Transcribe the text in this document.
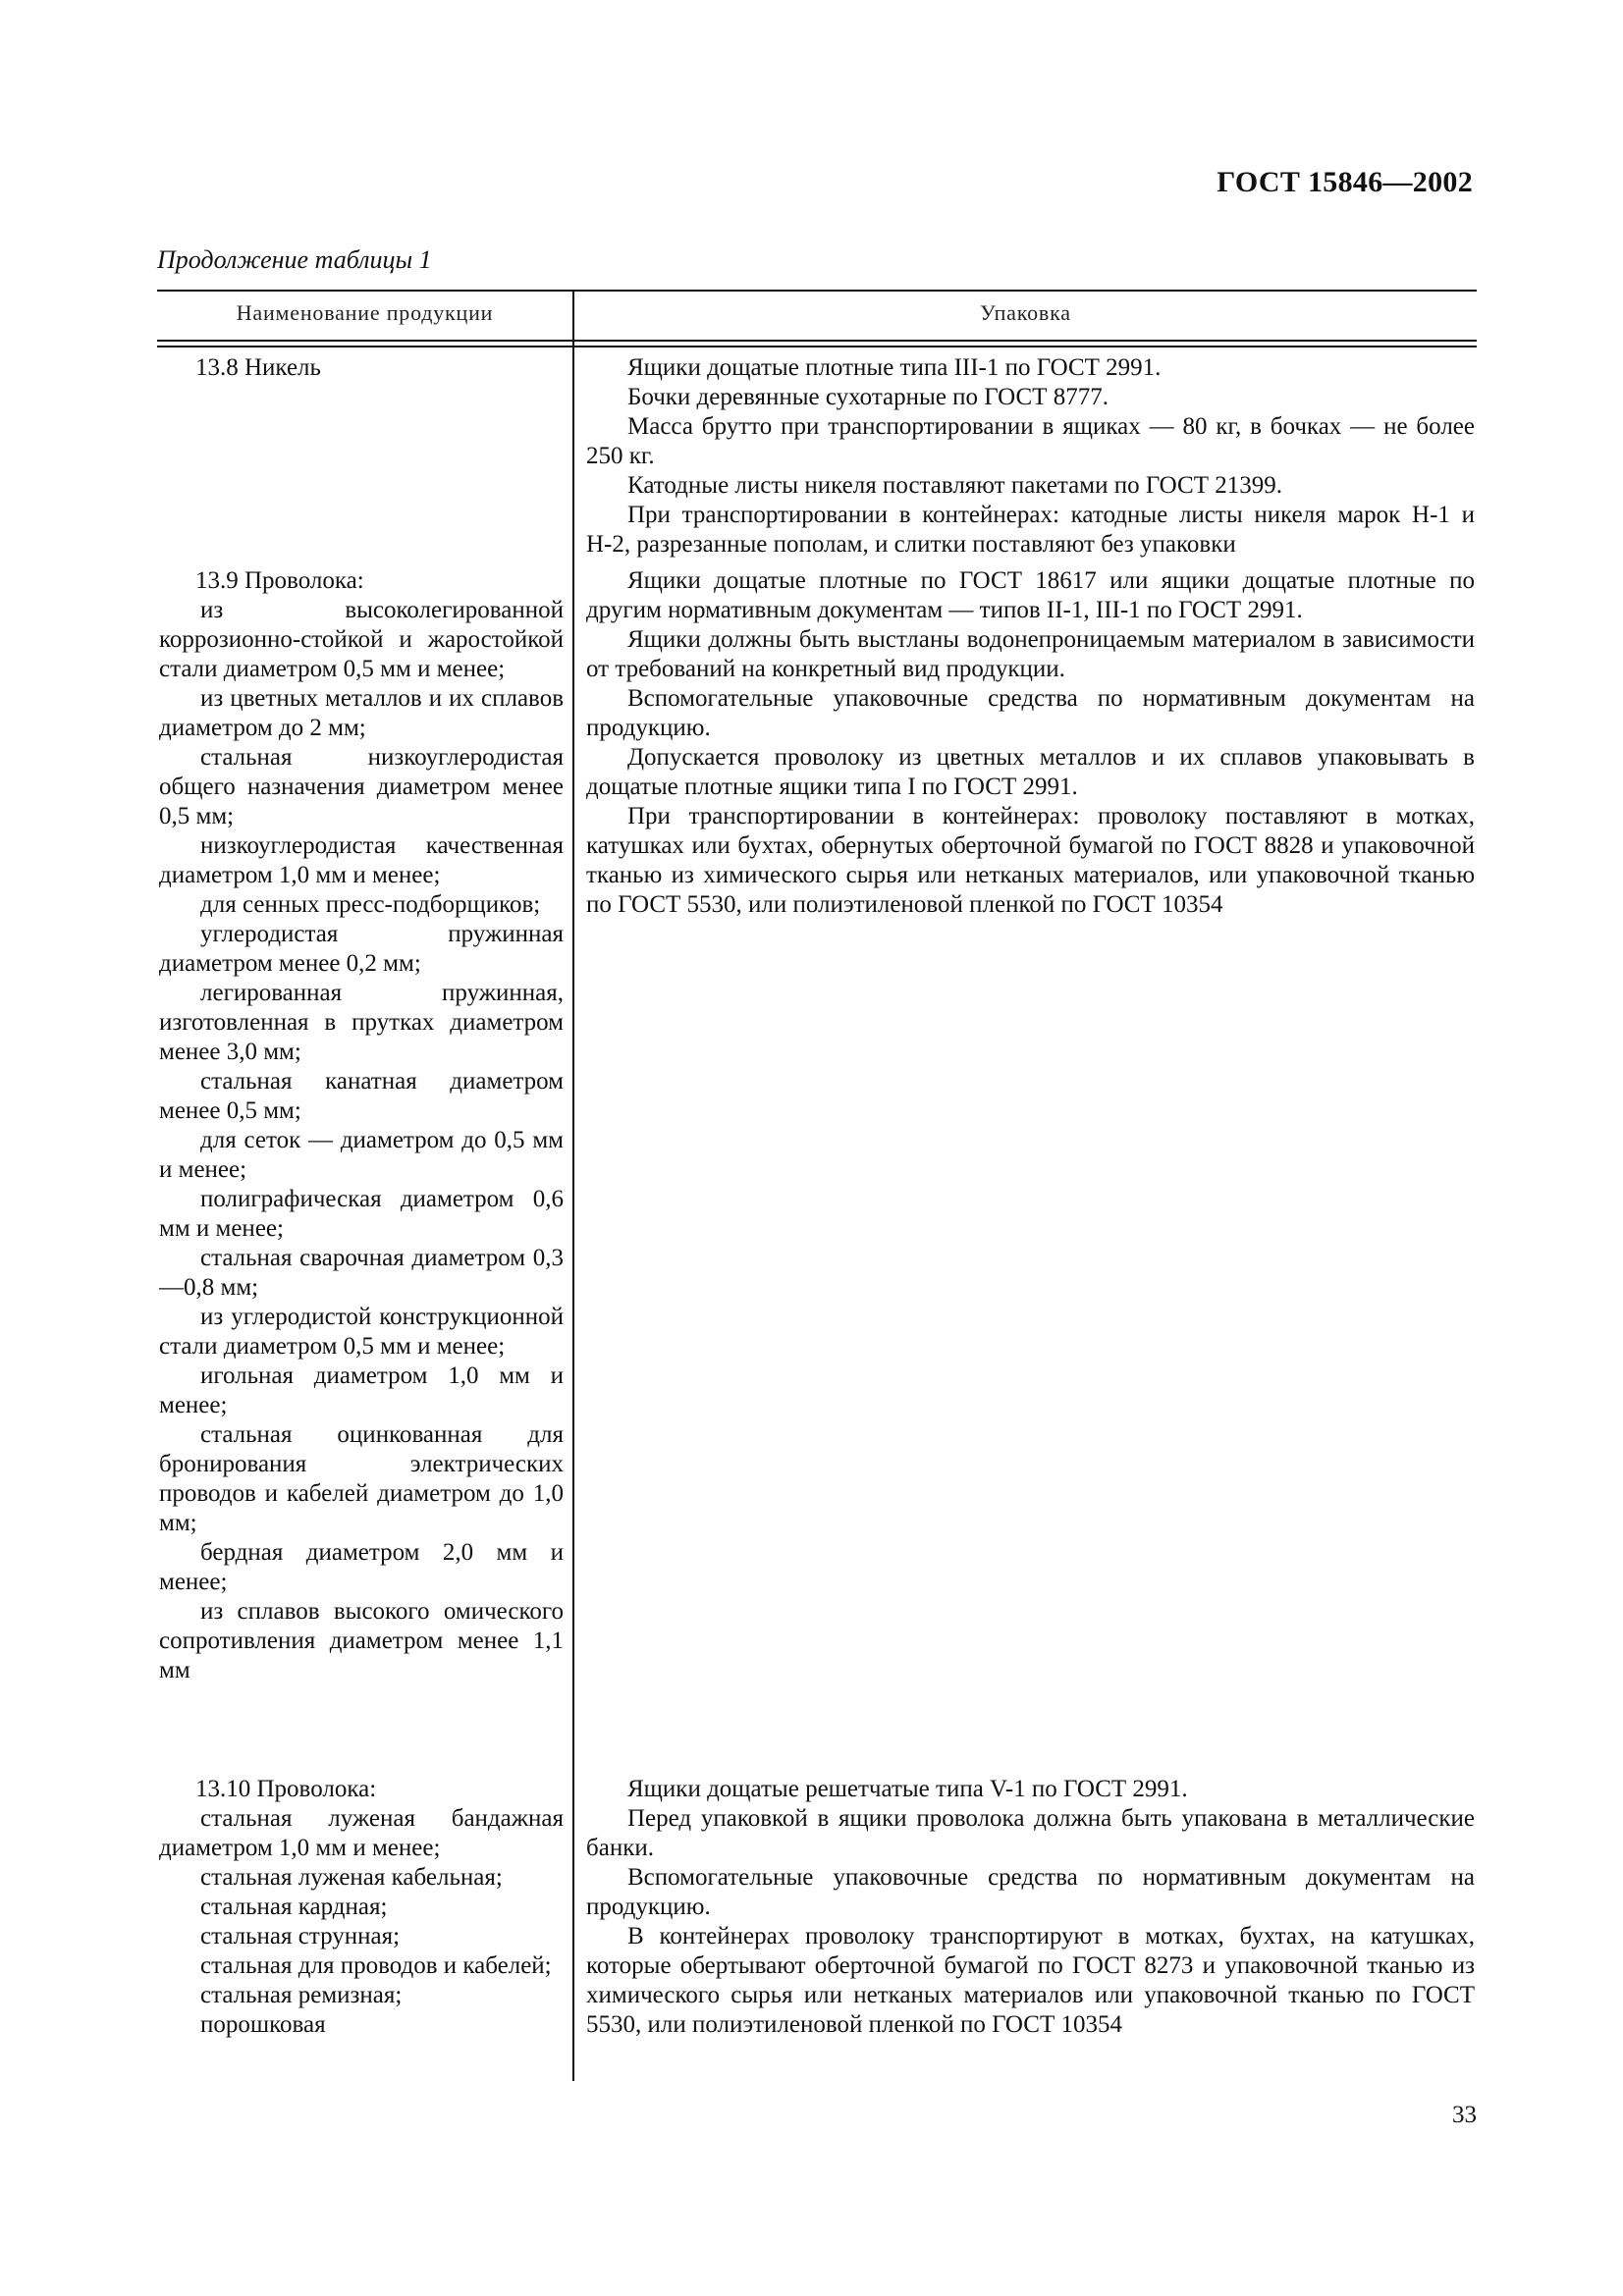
ГОСТ 15846—2002
Продолжение таблицы 1
Наименование продукции	Упаковка

13.8 Никель	Ящики дощатые плотные типа III-1 по ГОСТ 2991.

Бочки деревянные сухотарные по ГОСТ 8777.

Масса брутто при транспортировании в ящиках — 80 кг, в бочках — не более 250 кг.

Катодные листы никеля поставляют пакетами по ГОСТ 21399.

При транспортировании в контейнерах: катодные листы никеля марок Н-1 и Н-2, разрезанные пополам, и слитки поставляют без упаковки

13.9 Проволока:

из высоколегированной коррозионно-стойкой и жаростойкой стали диаметром 0,5 мм и менее;

из цветных металлов и их сплавов диаметром до 2 мм;

стальная низкоуглеродистая общего назначения диаметром менее 0,5 мм;

низкоуглеродистая качественная диаметром 1,0 мм и менее;

для сенных пресс-подборщиков;

углеродистая пружинная диаметром менее 0,2 мм;

легированная пружинная, изготовленная в прутках диаметром менее 3,0 мм;

стальная канатная диаметром менее 0,5 мм;

для сеток — диаметром до 0,5 мм и менее;

полиграфическая диаметром 0,6 мм и менее;

стальная сварочная диаметром 0,3—0,8 мм;

из углеродистой конструкционной стали диаметром 0,5 мм и менее;

игольная диаметром 1,0 мм и менее;

стальная оцинкованная для бронирования электрических проводов и кабелей диаметром до 1,0 мм;

бердная диаметром 2,0 мм и менее;

из сплавов высокого омического сопротивления диаметром менее 1,1 мм

Ящики дощатые плотные по ГОСТ 18617 или ящики дощатые плотные по другим нормативным документам — типов II-1, III-1 по ГОСТ 2991.

Ящики должны быть выстланы водонепроницаемым материалом в зависимости от требований на конкретный вид продукции.

Вспомогательные упаковочные средства по нормативным документам на продукцию.

Допускается проволоку из цветных металлов и их сплавов упаковывать в дощатые плотные ящики типа I по ГОСТ 2991.

При транспортировании в контейнерах: проволоку поставляют в мотках, катушках или бухтах, обернутых оберточной бумагой по ГОСТ 8828 и упаковочной тканью из химического сырья или нетканых материалов, или упаковочной тканью по ГОСТ 5530, или полиэтиленовой пленкой по ГОСТ 10354

13.10 Проволока:

стальная луженая бандажная диаметром 1,0 мм и менее;

стальная луженая кабельная;

стальная кардная;

стальная струнная;

стальная для проводов и кабелей;

стальная ремизная;

порошковая

Ящики дощатые решетчатые типа V-1 по ГОСТ 2991.

Перед упаковкой в ящики проволока должна быть упакована в металлические банки.

Вспомогательные упаковочные средства по нормативным документам на продукцию.

В контейнерах проволоку транспортируют в мотках, бухтах, на катушках, которые обертывают оберточной бумагой по ГОСТ 8273 и упаковочной тканью из химического сырья или нетканых материалов или упаковочной тканью по ГОСТ 5530, или полиэтиленовой пленкой по ГОСТ 10354

33
